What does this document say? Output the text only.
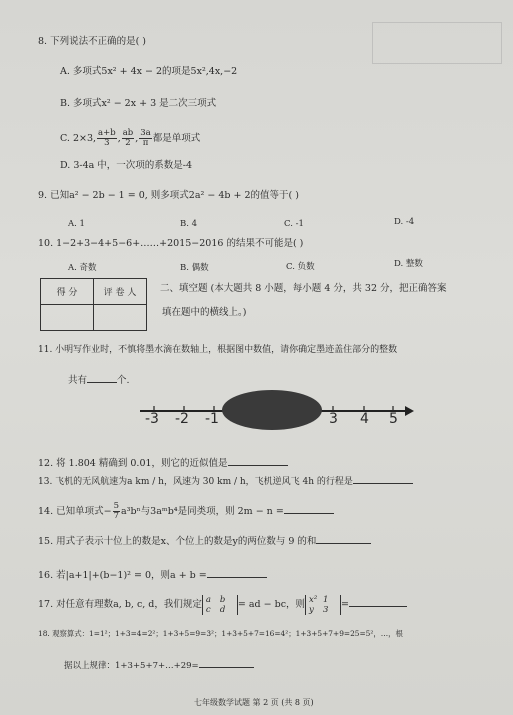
8. 下列说法不正确的是( )
A. 多项式5x² + 4x − 2的项是5x²,4x,−2
B. 多项式x² − 2x + 3 是二次三项式
C. 2×3, $\frac{a+b}{3}$ , $\frac{ab}{2}$ , $\frac{3a}{\pi}$ 都是单项式
D. 3-4a 中，一次项的系数是-4
9. 已知a² − 2b − 1 = 0, 则多项式2a² − 4b + 2的值等于( )
A. 1	B. 4	C. -1	D. -4
10. 1−2+3−4+5−6+……+2015−2016 的结果不可能是( )
A. 奇数	B. 偶数	C. 负数	D. 整数
得 分	评 卷 人
	二、填空题 (本大题共 8 小题，每小题 4 分，共 32 分，把正确答案
填在题中的横线上。)
11. 小明写作业时，不慎将墨水滴在数轴上，根据图中数值，请你确定墨迹盖住部分的整数
共有	个.
-3 -2 -1	3 4 5
12. 将 1.804 精确到 0.01，则它的近似值是
13. 飞机的无风航速为a km / h，风速为 30 km / h，飞机逆风飞 4h 的行程是
14. 已知单项式− $\frac{5}{7} a^3b^n$与3aᵐb⁴是同类项，则 2m − n =
15. 用式子表示十位上的数是x、个位上的数是y的两位数与 9 的和
16. 若|a+1|+(b−1)² = 0，则a + b =
17. 对任意有理数a, b, c, d，我们规定 a b
c d = ad − bc，则 x² 1
y 3 =
18. 观察算式：1=1²；1+3=4=2²；1+3+5=9=3²；1+3+5+7=16=4²；1+3+5+7+9=25=5²，…，根
据以上规律：1+3+5+7+…+29=
七年级数学试题 第 2 页 (共 8 页)
